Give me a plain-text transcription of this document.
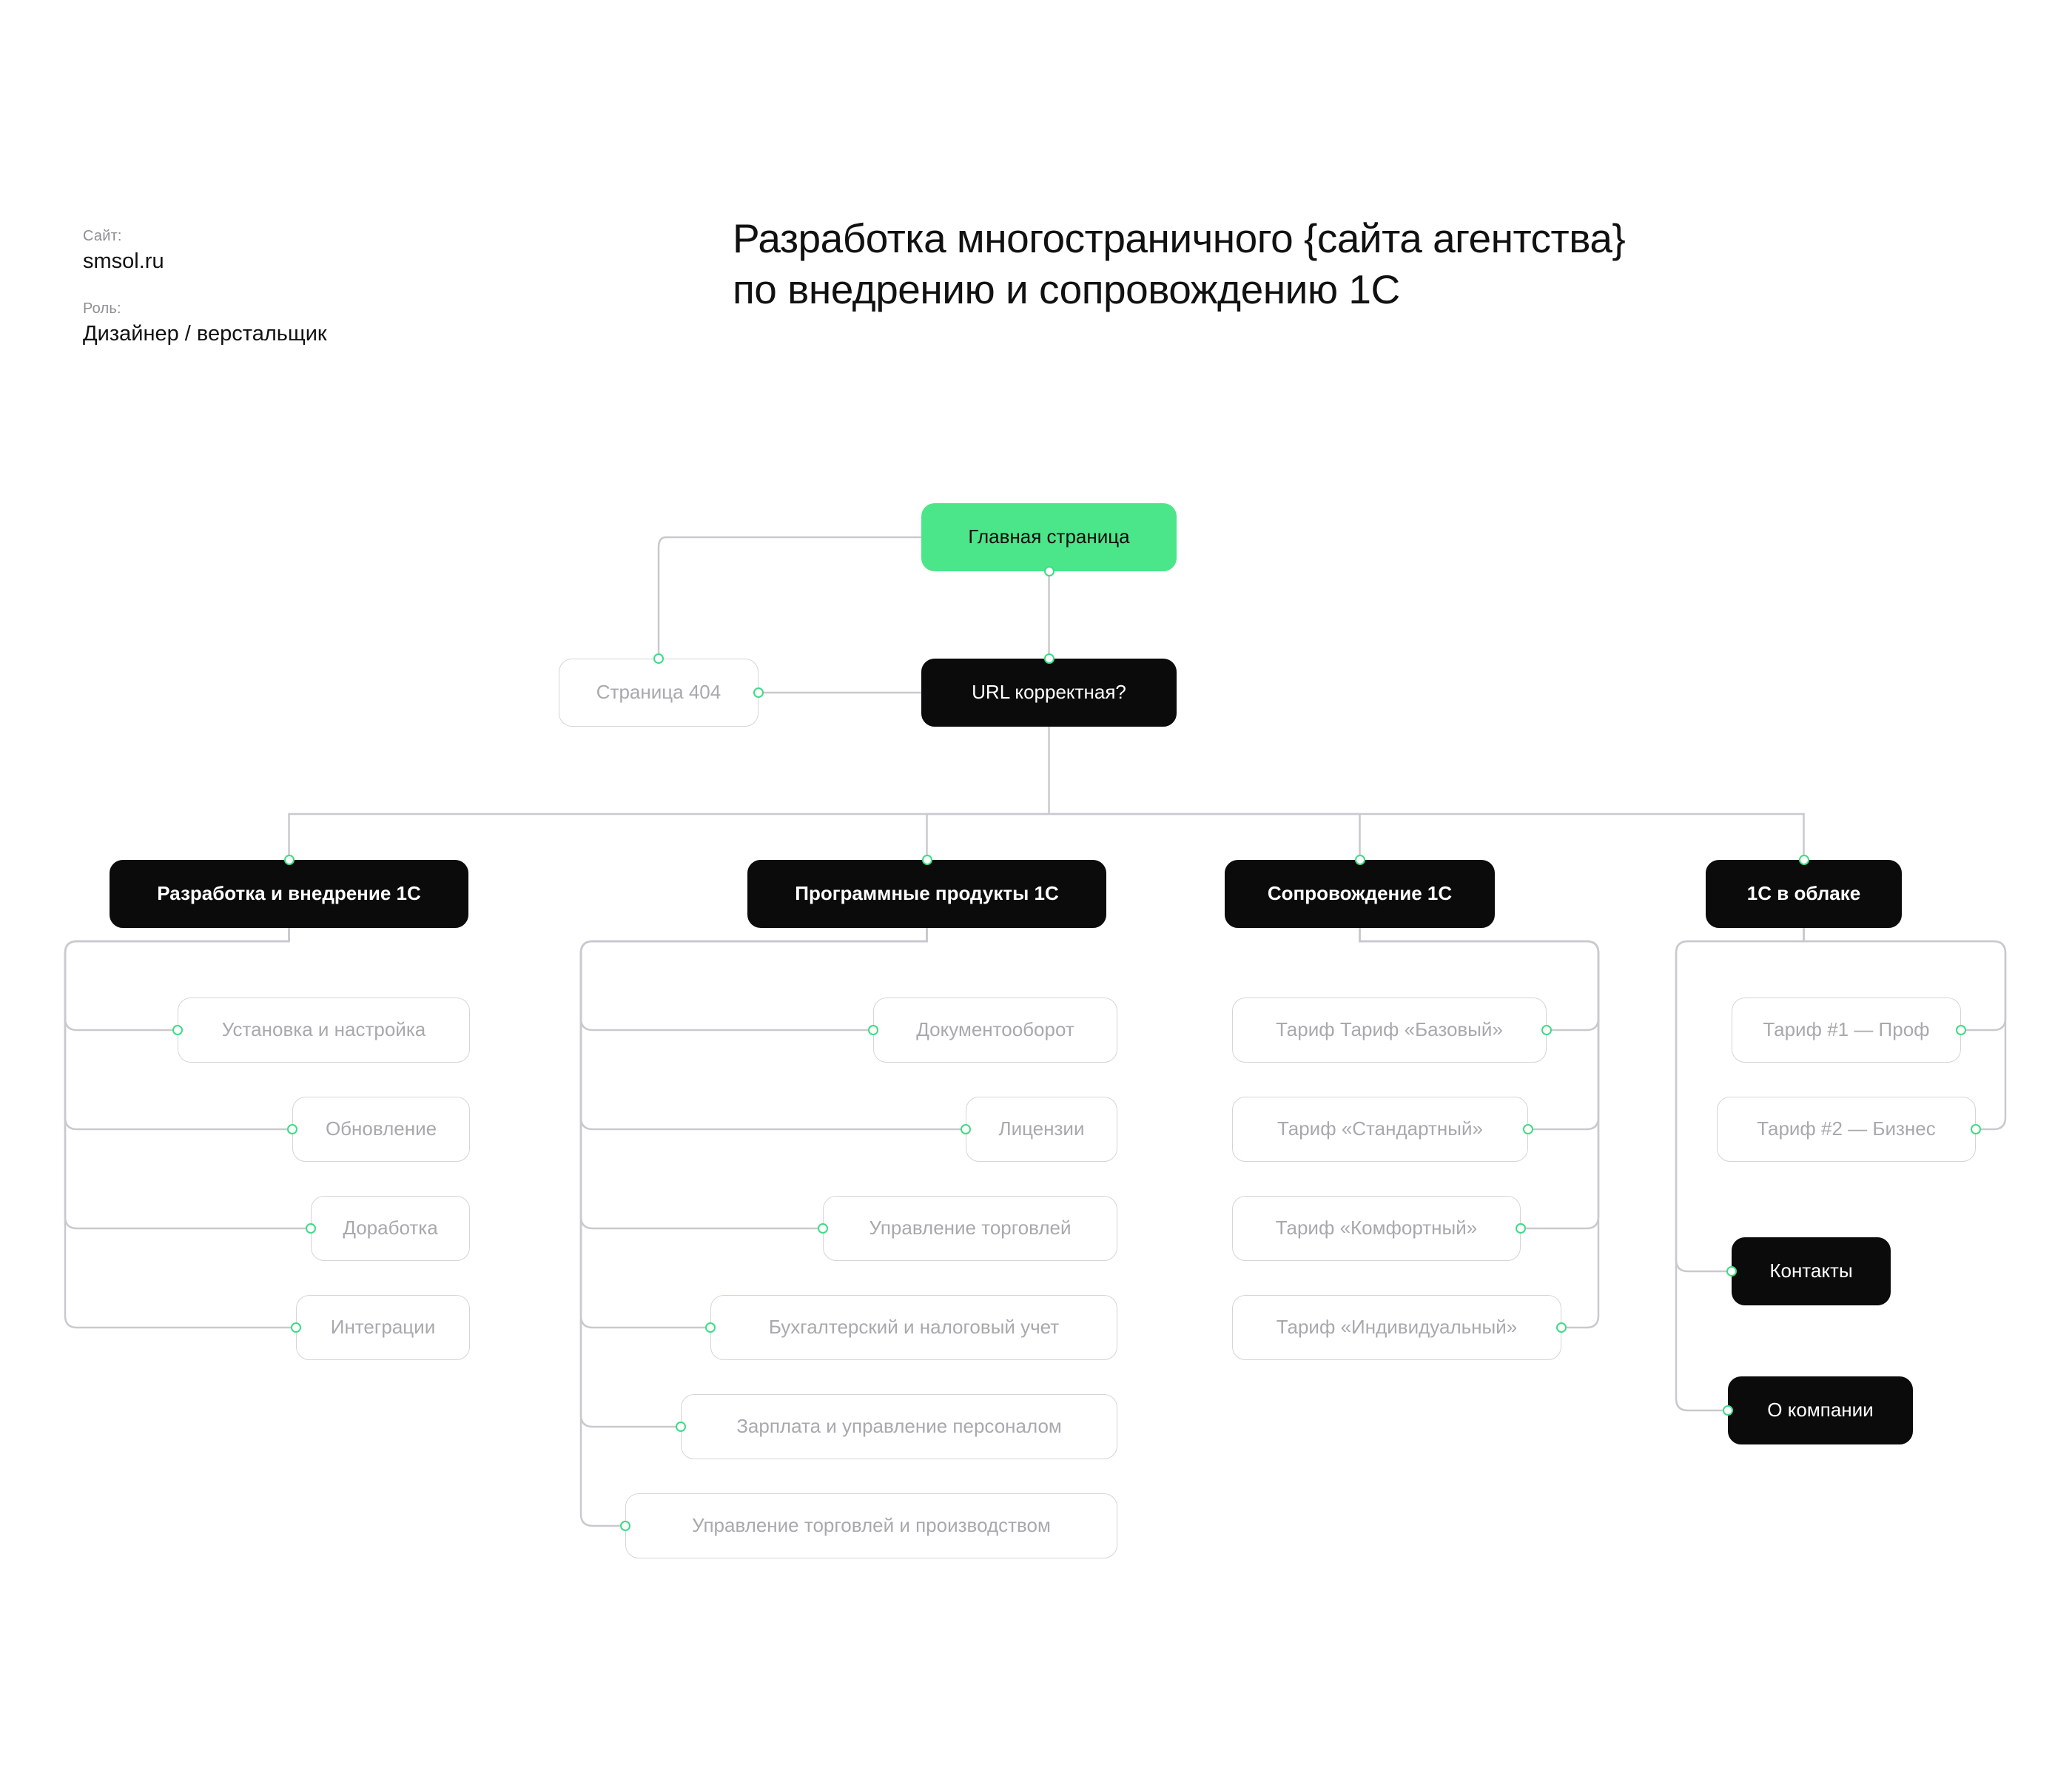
Сайт:
smsol.ru
Роль:
Дизайнер / верстальщик
Разработка многостраничного {сайта агентства} по внедрению и сопровождению 1С
Главная страница
URL корректная?
Страница 404
Разработка и внедрение 1С	Программные продукты 1С	Сопровождение 1С	1С в облаке
Установка и настройка
Обновление
Доработка
Интеграции
Документооборот
Лицензии
Управление торговлей
Бухгалтерский и налоговый учет
Зарплата и управление персоналом
Управление торговлей и производством
Тариф Тариф «Базовый»
Тариф «Стандартный»
Тариф «Комфортный»
Тариф «Индивидуальный»
Тариф #1 — Проф
Тариф #2 — Бизнес
Контакты
О компании
